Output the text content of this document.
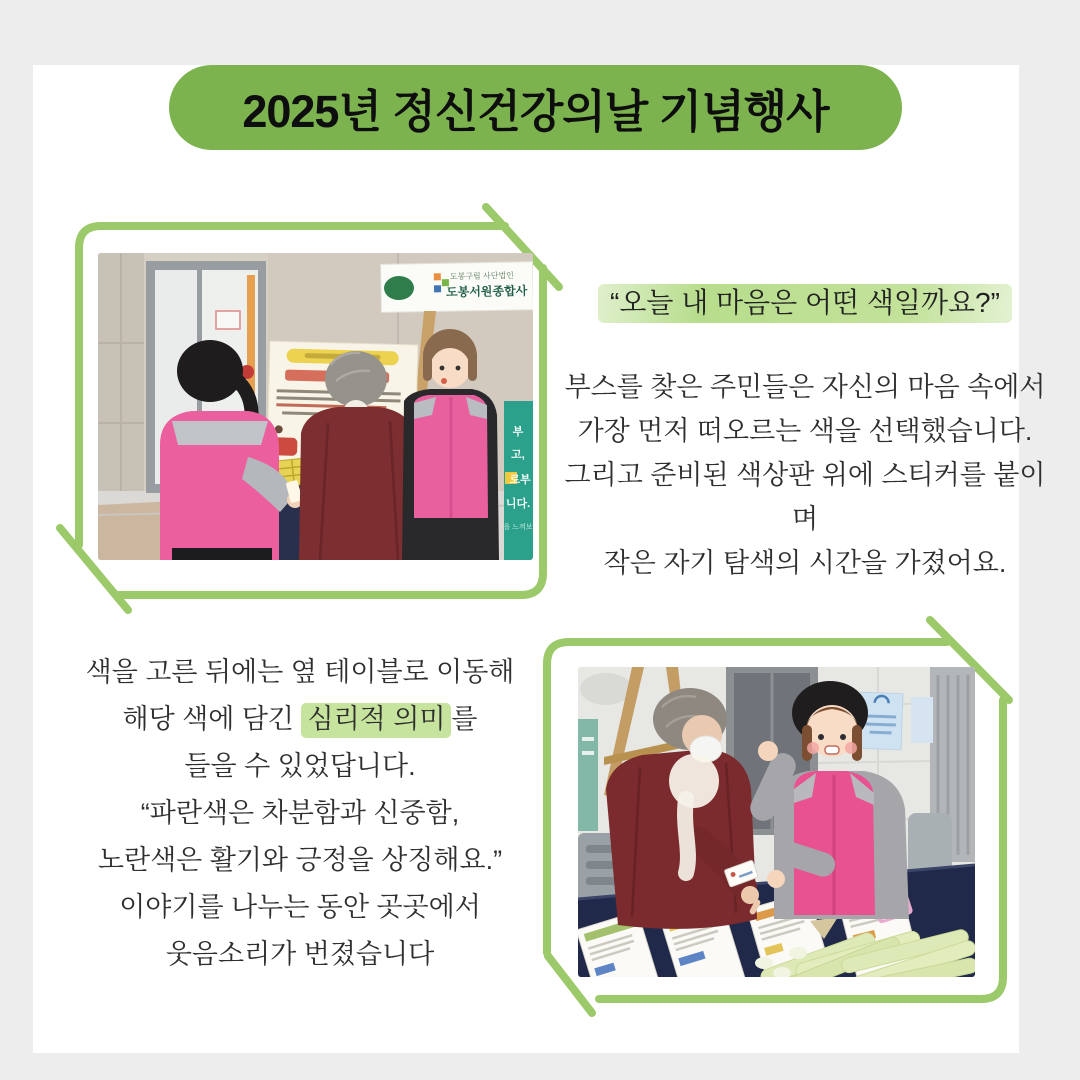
2025년 정신건강의날 기념행사
도봉구립 사단법인
도봉서원종합사
부
고,
로부
니다.
을 느껴보
“오늘 내 마음은 어떤 색일까요?”

부스를 찾은 주민들은 자신의 마음 속에서

가장 먼저 떠오르는 색을 선택했습니다.

그리고 준비된 색상판 위에 스티커를 붙이며

작은 자기 탐색의 시간을 가졌어요.

색을 고른 뒤에는 옆 테이블로 이동해

해당 색에 담긴 심리적 의미 를

들을 수 있었답니다.

“파란색은 차분함과 신중함,

노란색은 활기와 긍정을 상징해요.”

이야기를 나누는 동안 곳곳에서

웃음소리가 번졌습니다
